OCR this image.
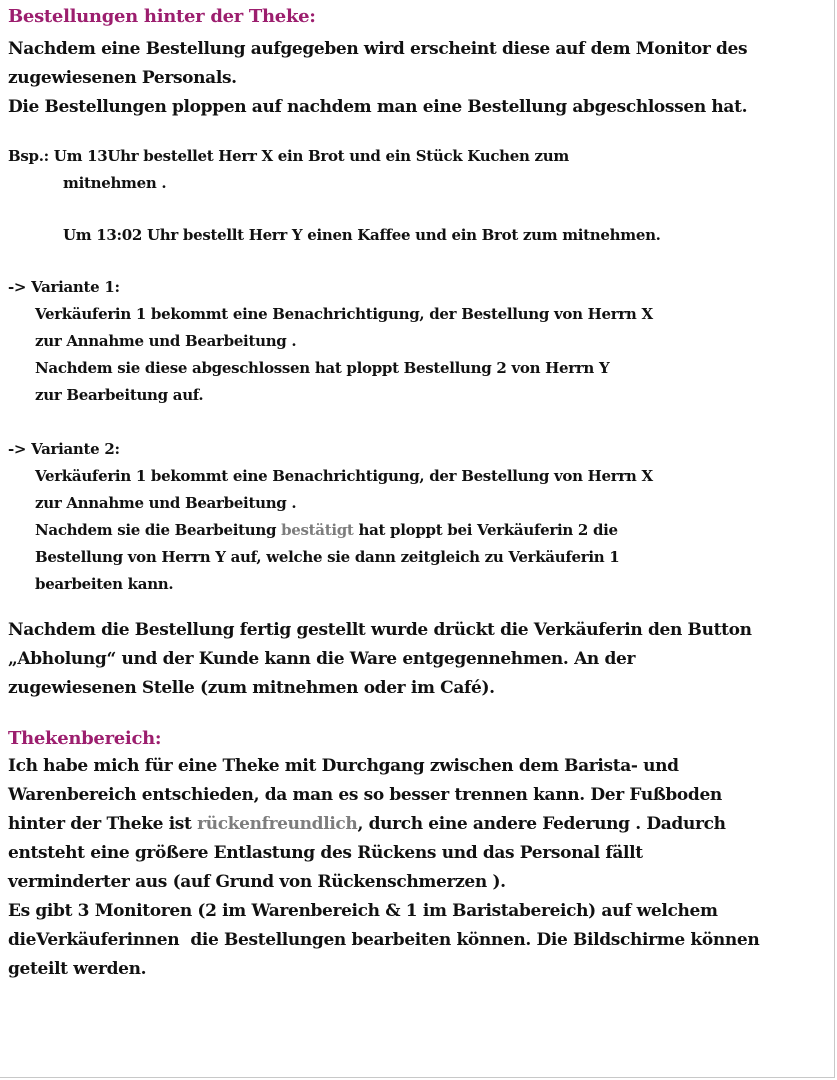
Bestellungen hinter der Theke:

Nachdem eine Bestellung aufgegeben wird erscheint diese auf dem Monitor des

zugewiesenen Personals.

Die Bestellungen ploppen auf nachdem man eine Bestellung abgeschlossen hat.

Bsp.: Um 13Uhr bestellet Herr X ein Brot und ein Stück Kuchen zum

mitnehmen .

Um 13:02 Uhr bestellt Herr Y einen Kaffee und ein Brot zum mitnehmen.

-> Variante 1:

Verkäuferin 1 bekommt eine Benachrichtigung, der Bestellung von Herrn X

zur Annahme und Bearbeitung .

Nachdem sie diese abgeschlossen hat ploppt Bestellung 2 von Herrn Y

zur Bearbeitung auf.

-> Variante 2:

Verkäuferin 1 bekommt eine Benachrichtigung, der Bestellung von Herrn X

zur Annahme und Bearbeitung .

Nachdem sie die Bearbeitung bestätigt hat ploppt bei Verkäuferin 2 die

Bestellung von Herrn Y auf, welche sie dann zeitgleich zu Verkäuferin 1

bearbeiten kann.

Nachdem die Bestellung fertig gestellt wurde drückt die Verkäuferin den Button

„Abholung“ und der Kunde kann die Ware entgegennehmen. An der

zugewiesenen Stelle (zum mitnehmen oder im Café).

Thekenbereich:

Ich habe mich für eine Theke mit Durchgang zwischen dem Barista- und

Warenbereich entschieden, da man es so besser trennen kann. Der Fußboden

hinter der Theke ist rückenfreundlich, durch eine andere Federung . Dadurch

entsteht eine größere Entlastung des Rückens und das Personal fällt

verminderter aus (auf Grund von Rückenschmerzen ).

Es gibt 3 Monitoren (2 im Warenbereich & 1 im Baristabereich) auf welchem

dieVerkäuferinnen  die Bestellungen bearbeiten können. Die Bildschirme können

geteilt werden.
